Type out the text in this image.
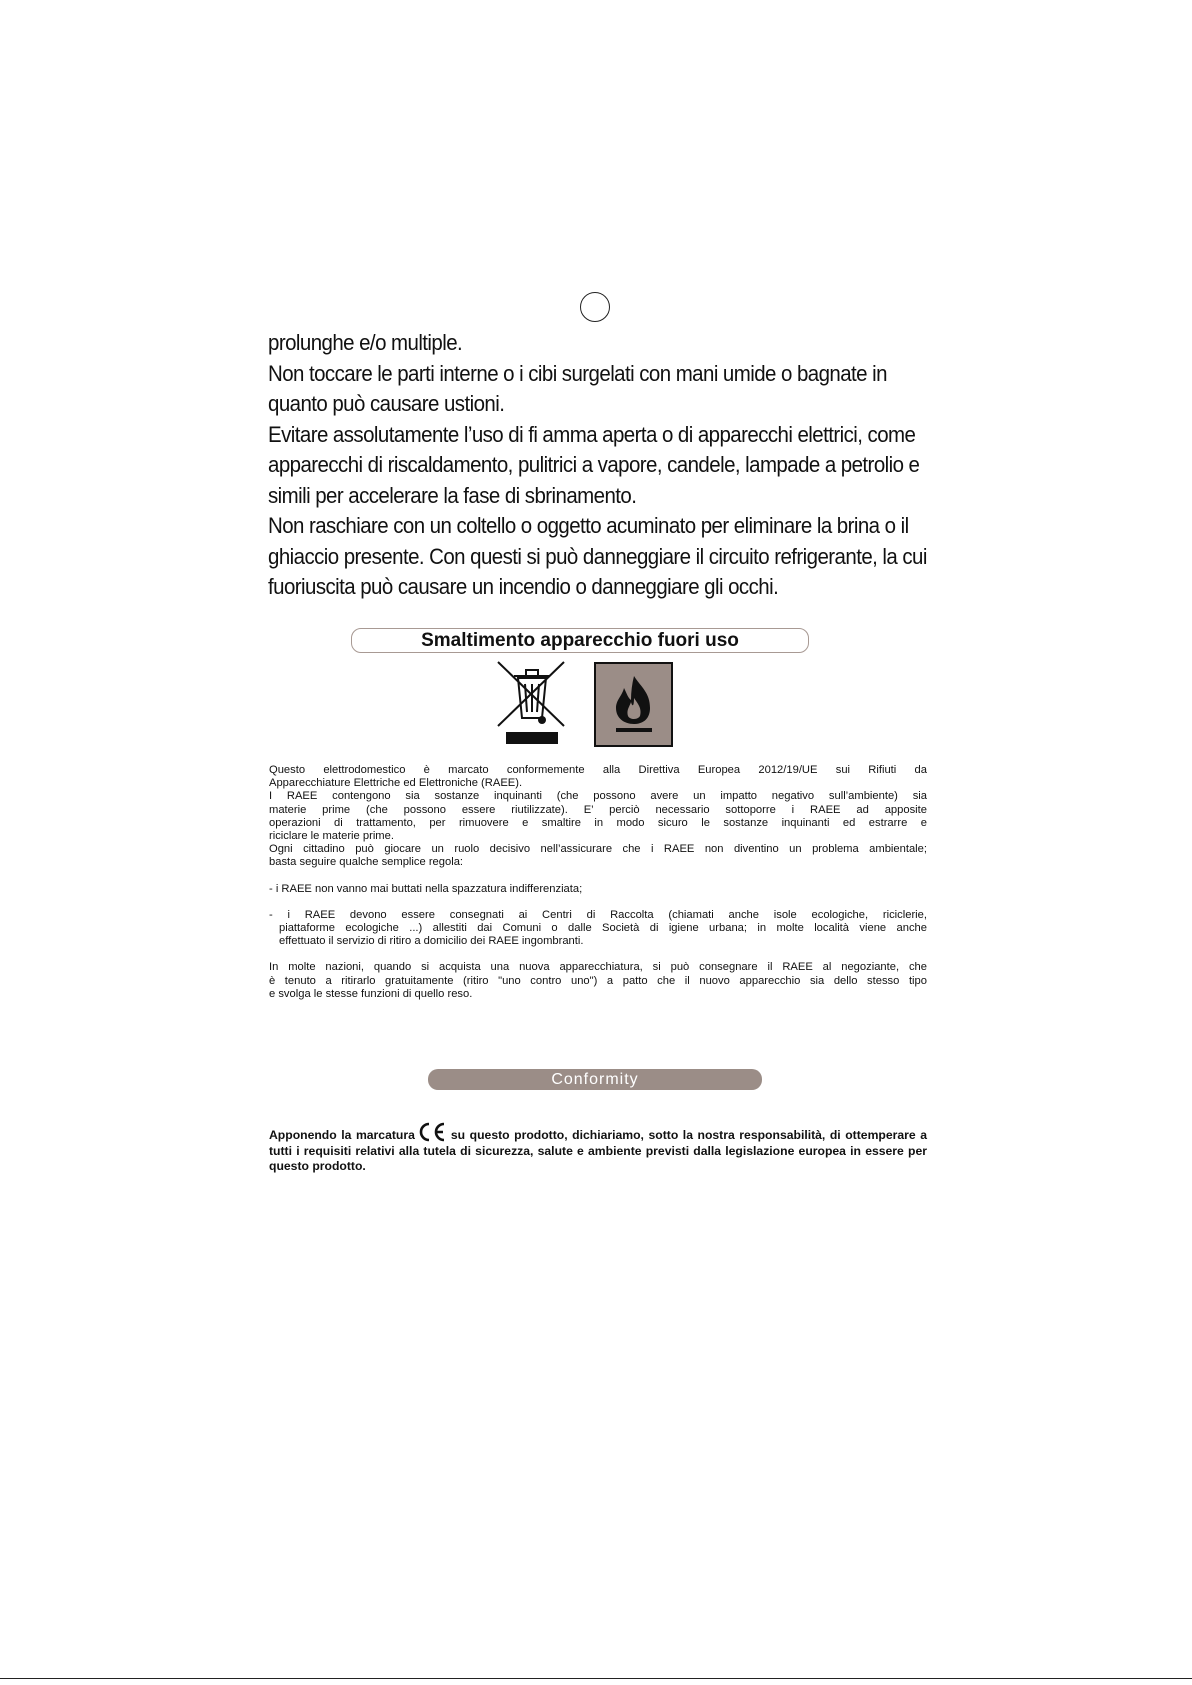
prolunghe e/o multiple.

Non toccare le parti interne o i cibi surgelati con mani umide o bagnate in

quanto può causare ustioni.

Evitare assolutamente l’uso di fi amma aperta o di apparecchi elettrici, come

apparecchi di riscaldamento, pulitrici a vapore, candele, lampade a petrolio e

simili per accelerare la fase di sbrinamento.

Non raschiare con un coltello o oggetto acuminato per eliminare la brina o il

ghiaccio presente. Con questi si può danneggiare il circuito refrigerante, la cui

fuoriuscita può causare un incendio o danneggiare gli occhi.

Smaltimento apparecchio fuori uso

Questo elettrodomestico è marcato conformemente alla Direttiva Europea 2012/19/UE sui Rifiuti da

Apparecchiature Elettriche ed Elettroniche (RAEE).

I RAEE contengono sia sostanze inquinanti (che possono avere un impatto negativo sull’ambiente) sia

materie prime (che possono essere riutilizzate). E’ perciò necessario sottoporre i RAEE ad apposite

operazioni di trattamento, per rimuovere e smaltire in modo sicuro le sostanze inquinanti ed estrarre e

riciclare le materie prime.

Ogni cittadino può giocare un ruolo decisivo nell’assicurare che i RAEE non diventino un problema ambientale;

basta seguire qualche semplice regola:

- i RAEE non vanno mai buttati nella spazzatura indifferenziata;

- i RAEE devono essere consegnati ai Centri di Raccolta (chiamati anche isole ecologiche, riciclerie,

piattaforme ecologiche ...) allestiti dai Comuni o dalle Società di igiene urbana; in molte località viene anche

effettuato il servizio di ritiro a domicilio dei RAEE ingombranti.

In molte nazioni, quando si acquista una nuova apparecchiatura, si può consegnare il RAEE al negoziante, che

è tenuto a ritirarlo gratuitamente (ritiro "uno contro uno") a patto che il nuovo apparecchio sia dello stesso tipo

e svolga le stesse funzioni di quello reso.

Conformity

Apponendo la marcatura	su questo prodotto, dichiariamo, sotto la nostra responsabilità, di ottemperare a tutti i requisiti relativi alla tutela di sicurezza, salute e ambiente previsti dalla legislazione europea in essere per questo prodotto.
